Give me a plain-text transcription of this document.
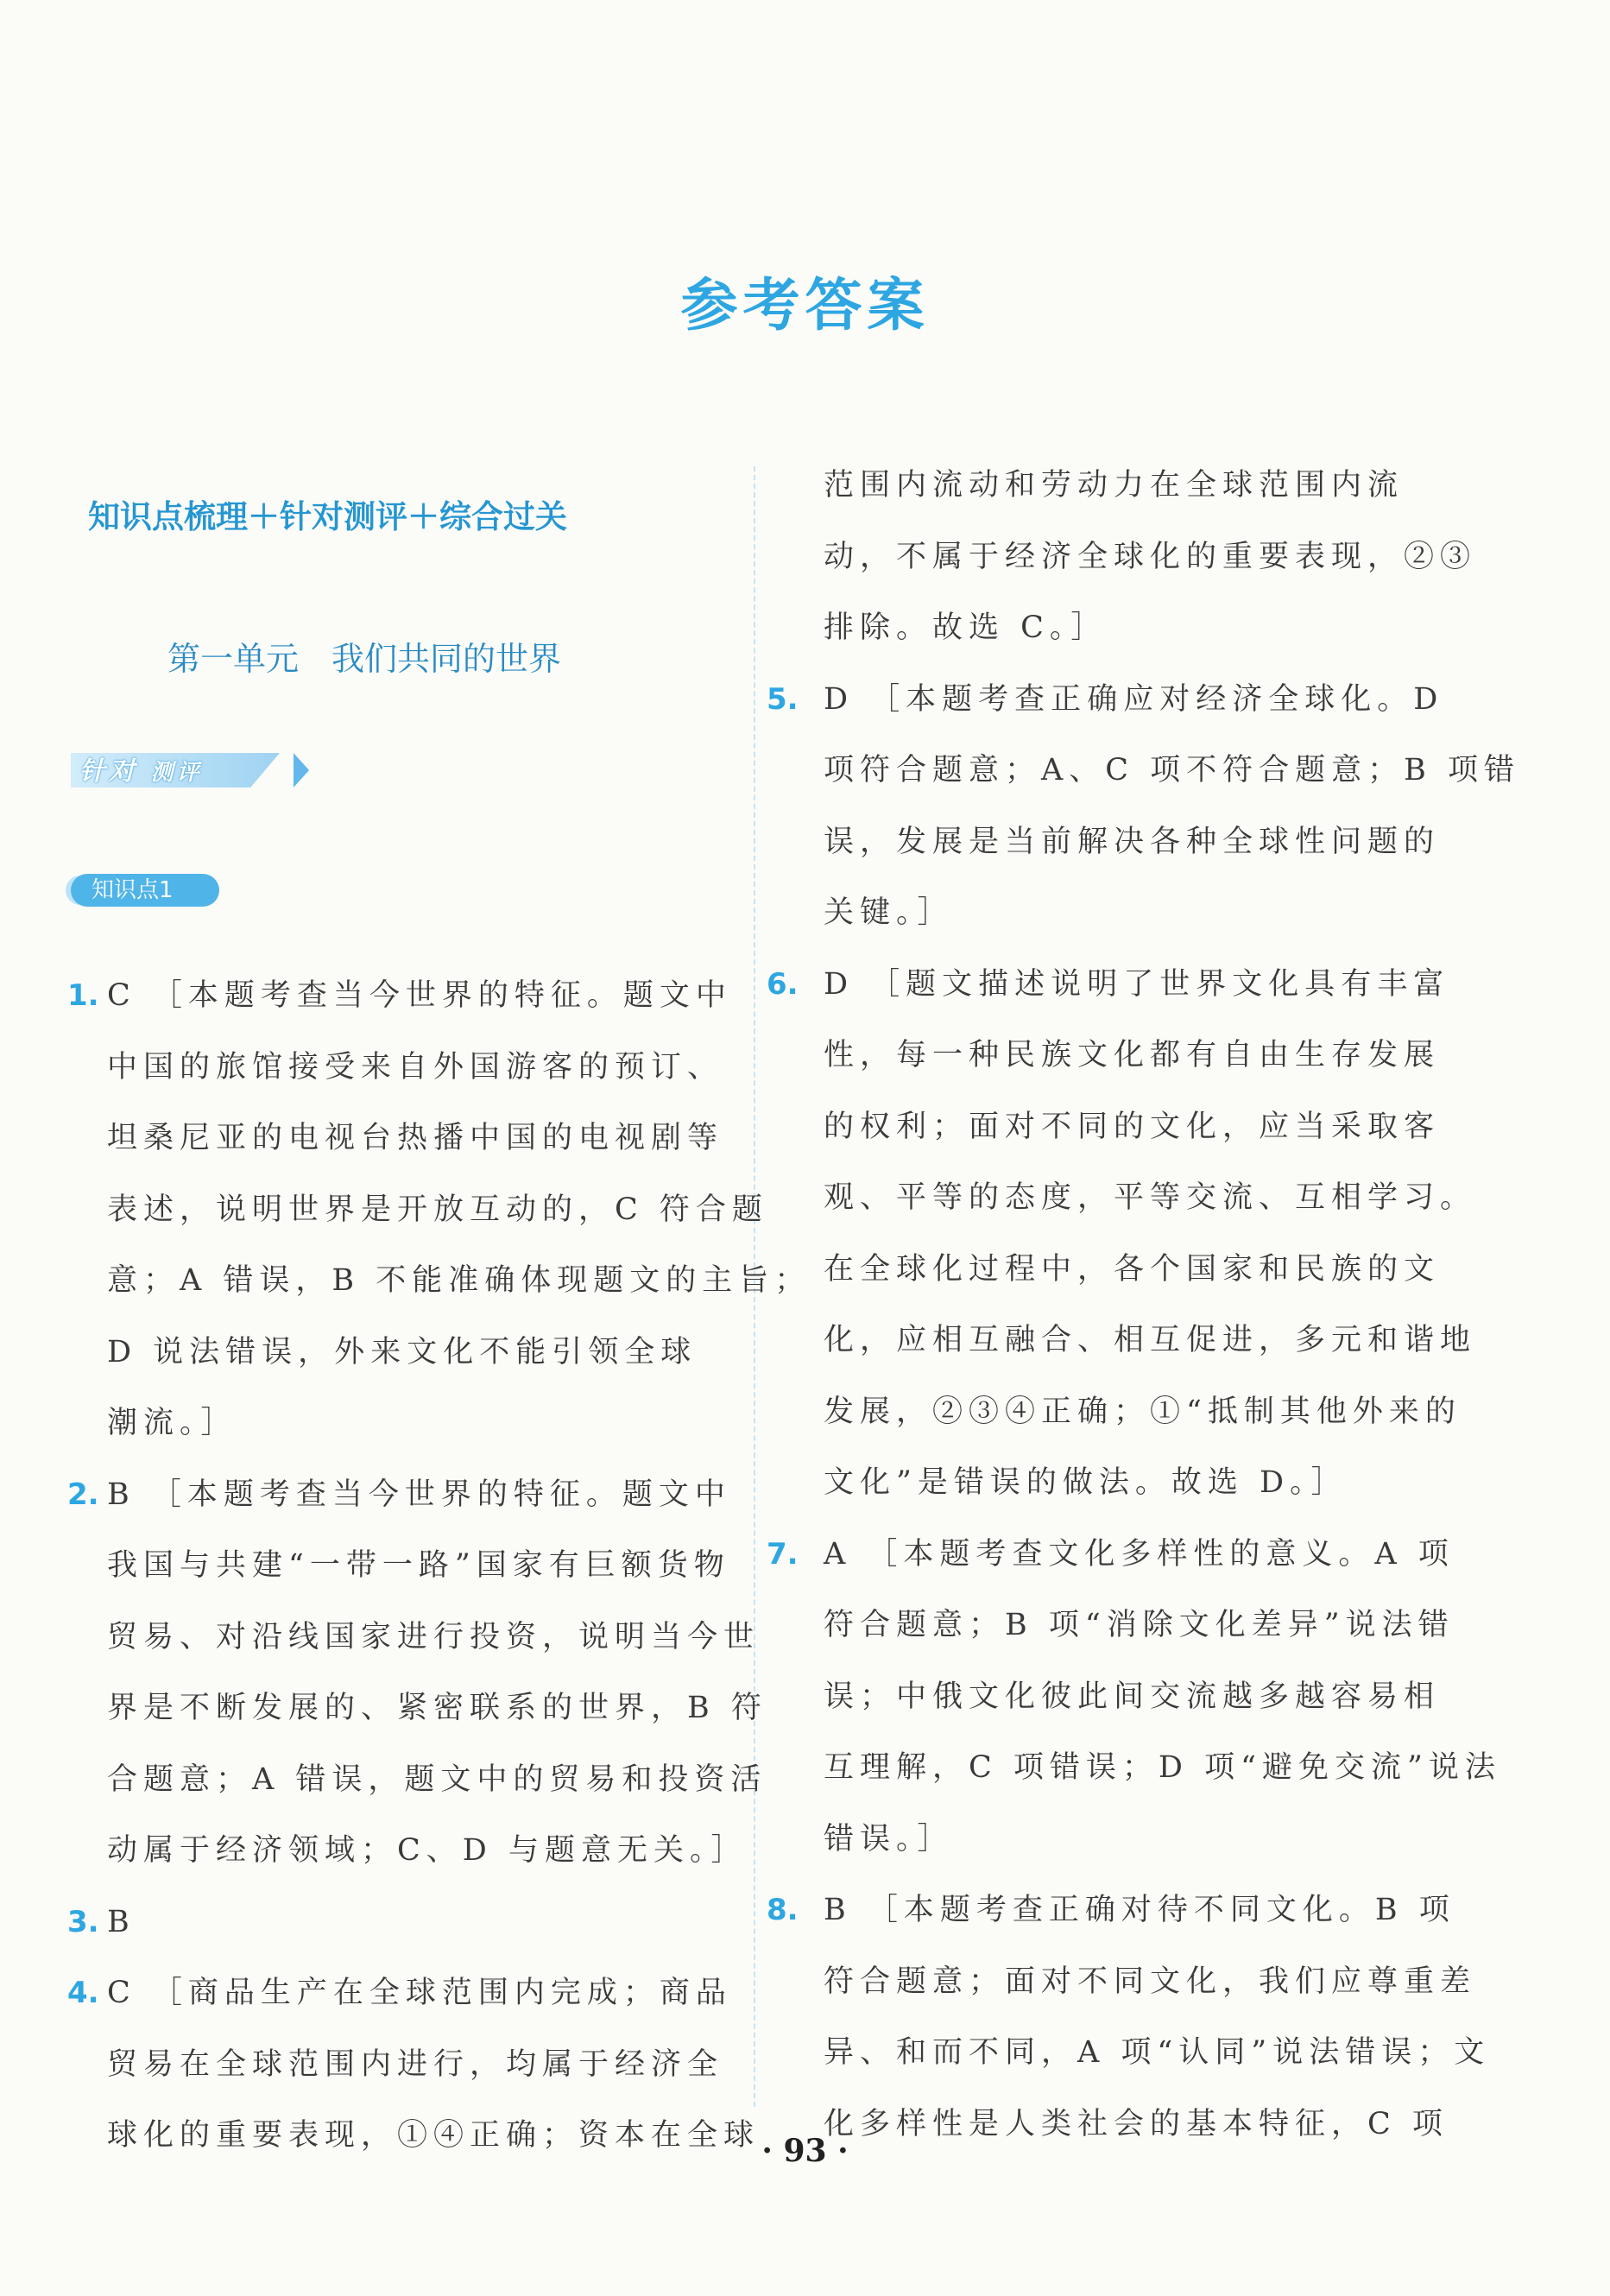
参考答案
知识点梳理＋针对测评＋综合过关
第一单元　我们共同的世界
针对 测评
知识点1
1. C ［本题考查当今世界的特征。题文中
中国的旅馆接受来自外国游客的预订、
坦桑尼亚的电视台热播中国的电视剧等
表述，说明世界是开放互动的，C 符合题
意；A 错误，B 不能准确体现题文的主旨；
D 说法错误，外来文化不能引领全球
潮流。］
2. B ［本题考查当今世界的特征。题文中
我国与共建“一带一路”国家有巨额货物
贸易、对沿线国家进行投资，说明当今世
界是不断发展的、紧密联系的世界，B 符
合题意；A 错误，题文中的贸易和投资活
动属于经济领域；C、D 与题意无关。］
3. B
4. C ［商品生产在全球范围内完成；商品
贸易在全球范围内进行，均属于经济全
球化的重要表现，①④正确；资本在全球
范围内流动和劳动力在全球范围内流
动，不属于经济全球化的重要表现，②③
排除。故选 C。］
5. D ［本题考查正确应对经济全球化。D
项符合题意；A、C 项不符合题意；B 项错
误，发展是当前解决各种全球性问题的
关键。］
6. D ［题文描述说明了世界文化具有丰富
性，每一种民族文化都有自由生存发展
的权利；面对不同的文化，应当采取客
观、平等的态度，平等交流、互相学习。
在全球化过程中，各个国家和民族的文
化，应相互融合、相互促进，多元和谐地
发展，②③④正确；①“抵制其他外来的
文化”是错误的做法。故选 D。］
7. A ［本题考查文化多样性的意义。A 项
符合题意；B 项“消除文化差异”说法错
误；中俄文化彼此间交流越多越容易相
互理解，C 项错误；D 项“避免交流”说法
错误。］
8. B ［本题考查正确对待不同文化。B 项
符合题意；面对不同文化，我们应尊重差
异、和而不同，A 项“认同”说法错误；文
化多样性是人类社会的基本特征，C 项
· 93 ·
